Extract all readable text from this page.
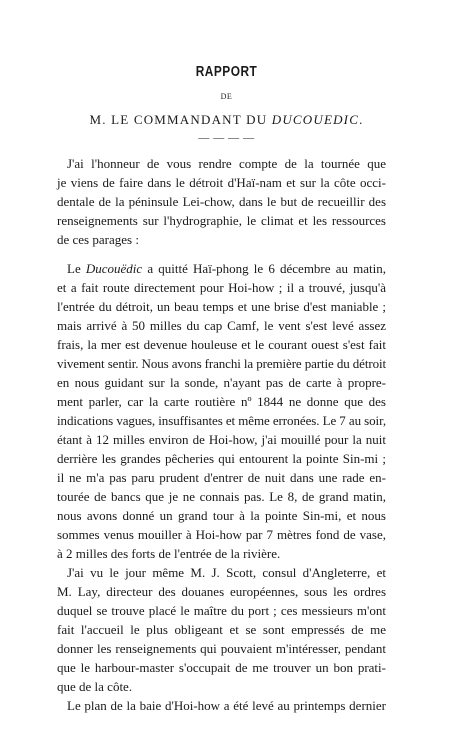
RAPPORT
DE
M. LE COMMANDANT DU DUCOUEDIC.
— — — —
J'ai l'honneur de vous rendre compte de la tournée que
je viens de faire dans le détroit d'Haï-nam et sur la côte occi-
dentale de la péninsule Lei-chow, dans le but de recueillir des
renseignements sur l'hydrographie, le climat et les ressources
de ces parages :
Le Ducouëdic a quitté Haï-phong le 6 décembre au matin,
et a fait route directement pour Hoi-how ; il a trouvé, jusqu'à
l'entrée du détroit, un beau temps et une brise d'est maniable ;
mais arrivé à 50 milles du cap Camf, le vent s'est levé assez
frais, la mer est devenue houleuse et le courant ouest s'est fait
vivement sentir. Nous avons franchi la première partie du détroit
en nous guidant sur la sonde, n'ayant pas de carte à propre-
ment parler, car la carte routière nº 1844 ne donne que des
indications vagues, insuffisantes et même erronées. Le 7 au soir,
étant à 12 milles environ de Hoi-how, j'ai mouillé pour la nuit
derrière les grandes pêcheries qui entourent la pointe Sin-mi ;
il ne m'a pas paru prudent d'entrer de nuit dans une rade en-
tourée de bancs que je ne connais pas. Le 8, de grand matin,
nous avons donné un grand tour à la pointe Sin-mi, et nous
sommes venus mouiller à Hoi-how par 7 mètres fond de vase,
à 2 milles des forts de l'entrée de la rivière.
J'ai vu le jour même M. J. Scott, consul d'Angleterre, et
M. Lay, directeur des douanes européennes, sous les ordres
duquel se trouve placé le maître du port ; ces messieurs m'ont
fait l'accueil le plus obligeant et se sont empressés de me
donner les renseignements qui pouvaient m'intéresser, pendant
que le harbour-master s'occupait de me trouver un bon prati-
que de la côte.
Le plan de la baie d'Hoi-how a été levé au printemps dernier
